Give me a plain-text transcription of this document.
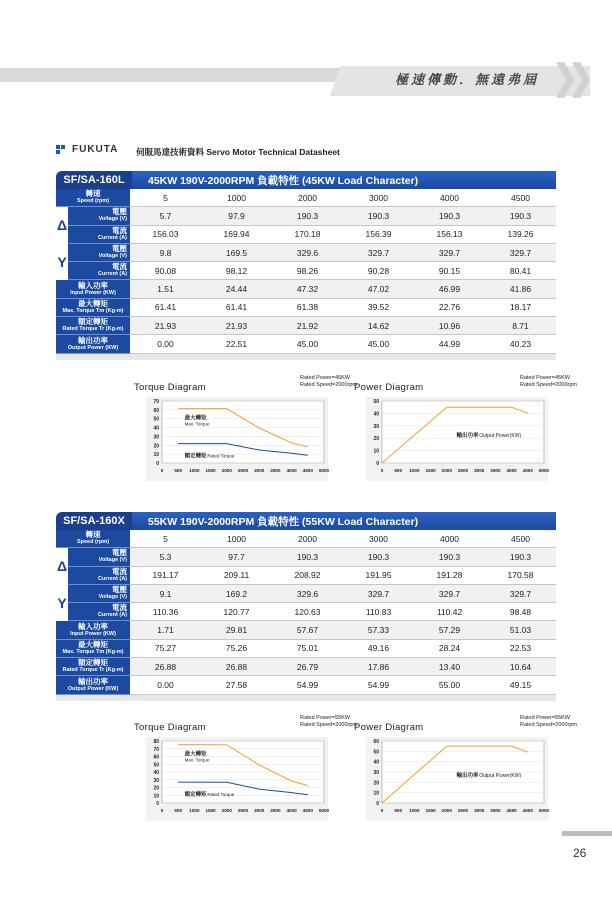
極速傳動．無遠弗屆
FUKUTA 伺服馬達技術資料 Servo Motor Technical Datasheet
SF/SA-160L	45KW 190V-2000RPM 負載特性 (45KW Load Character)
轉速
Speed (rpm)	5	1000	2000	3000	4000	4500
Δ
電壓
Voltage (V)	5.7	97.9	190.3	190.3	190.3	190.3
電流
Current (A)	156.03	169.94	170.18	156.39	156.13	139.26
Y
電壓
Voltage (V)	9.8	169.5	329.6	329.7	329.7	329.7
電流
Current (A)	90.08	98.12	98.26	90.28	90.15	80.41
輸入功率
Input Power (KW)	1.51	24.44	47.32	47.02	46.99	41.86
最大轉矩
Max. Torque Tm (Kg-m)	61.41	61.41	61.38	39.52	22.76	18.17
額定轉矩
Rated Torque Tr (Kg-m)	21.93	21.93	21.92	14.62	10.96	8.71
輸出功率
Output Power (KW)	0.00	22.51	45.00	45.00	44.99	40.23
Torque Diagram
Rated Power=45KW
Rated Speed=2000rpm
70
60
50
40
30
20
10
0
0 500 1000 1500 2000 2500 3000 3500 4000 4500 5000
最大轉矩
Max. Torque
額定轉矩 Rated Torque
Power Diagram
Rated Power=45KW
Rated Speed=2000rpm
50
40
30
20
10
0
0 500 1000 1500 2000 2500 3000 3500 4000 4500 5000
輸出功率 Output Power(KW)
SF/SA-160X	55KW 190V-2000RPM 負載特性 (55KW Load Character)
轉速
Speed (rpm)	5	1000	2000	3000	4000	4500
Δ
電壓
Voltage (V)	5.3	97.7	190.3	190.3	190.3	190.3
電流
Current (A)	191.17	209.11	208.92	191.95	191.28	170.58
Y
電壓
Voltage (V)	9.1	169.2	329.6	329.7	329.7	329.7
電流
Current (A)	110.36	120.77	120.63	110.83	110.42	98.48
輸入功率
Input Power (KW)	1.71	29.81	57.67	57.33	57.29	51.03
最大轉矩
Max. Torque Tm (Kg-m)	75.27	75.26	75.01	49.16	28.24	22.53
額定轉矩
Rated Torque Tr (Kg-m)	26.88	26.88	26.79	17.86	13.40	10.64
輸出功率
Output Power (KW)	0.00	27.58	54.99	54.99	55.00	49.15
Torque Diagram
Rated Power=55KW
Rated Speed=2000rpm
80
70
60
50
40
30
20
10
0
0 500 1000 1500 2000 2500 3000 3500 4000 4500 5000
最大轉矩
Max. Torque
額定轉矩 Rated Torque
Power Diagram
Rated Power=55KW
Rated Speed=2000rpm
60
50
40
30
20
10
0
0 500 1000 1500 2000 2500 3000 3500 4000 4500 5000
輸出功率 Output Power(KW)
26
